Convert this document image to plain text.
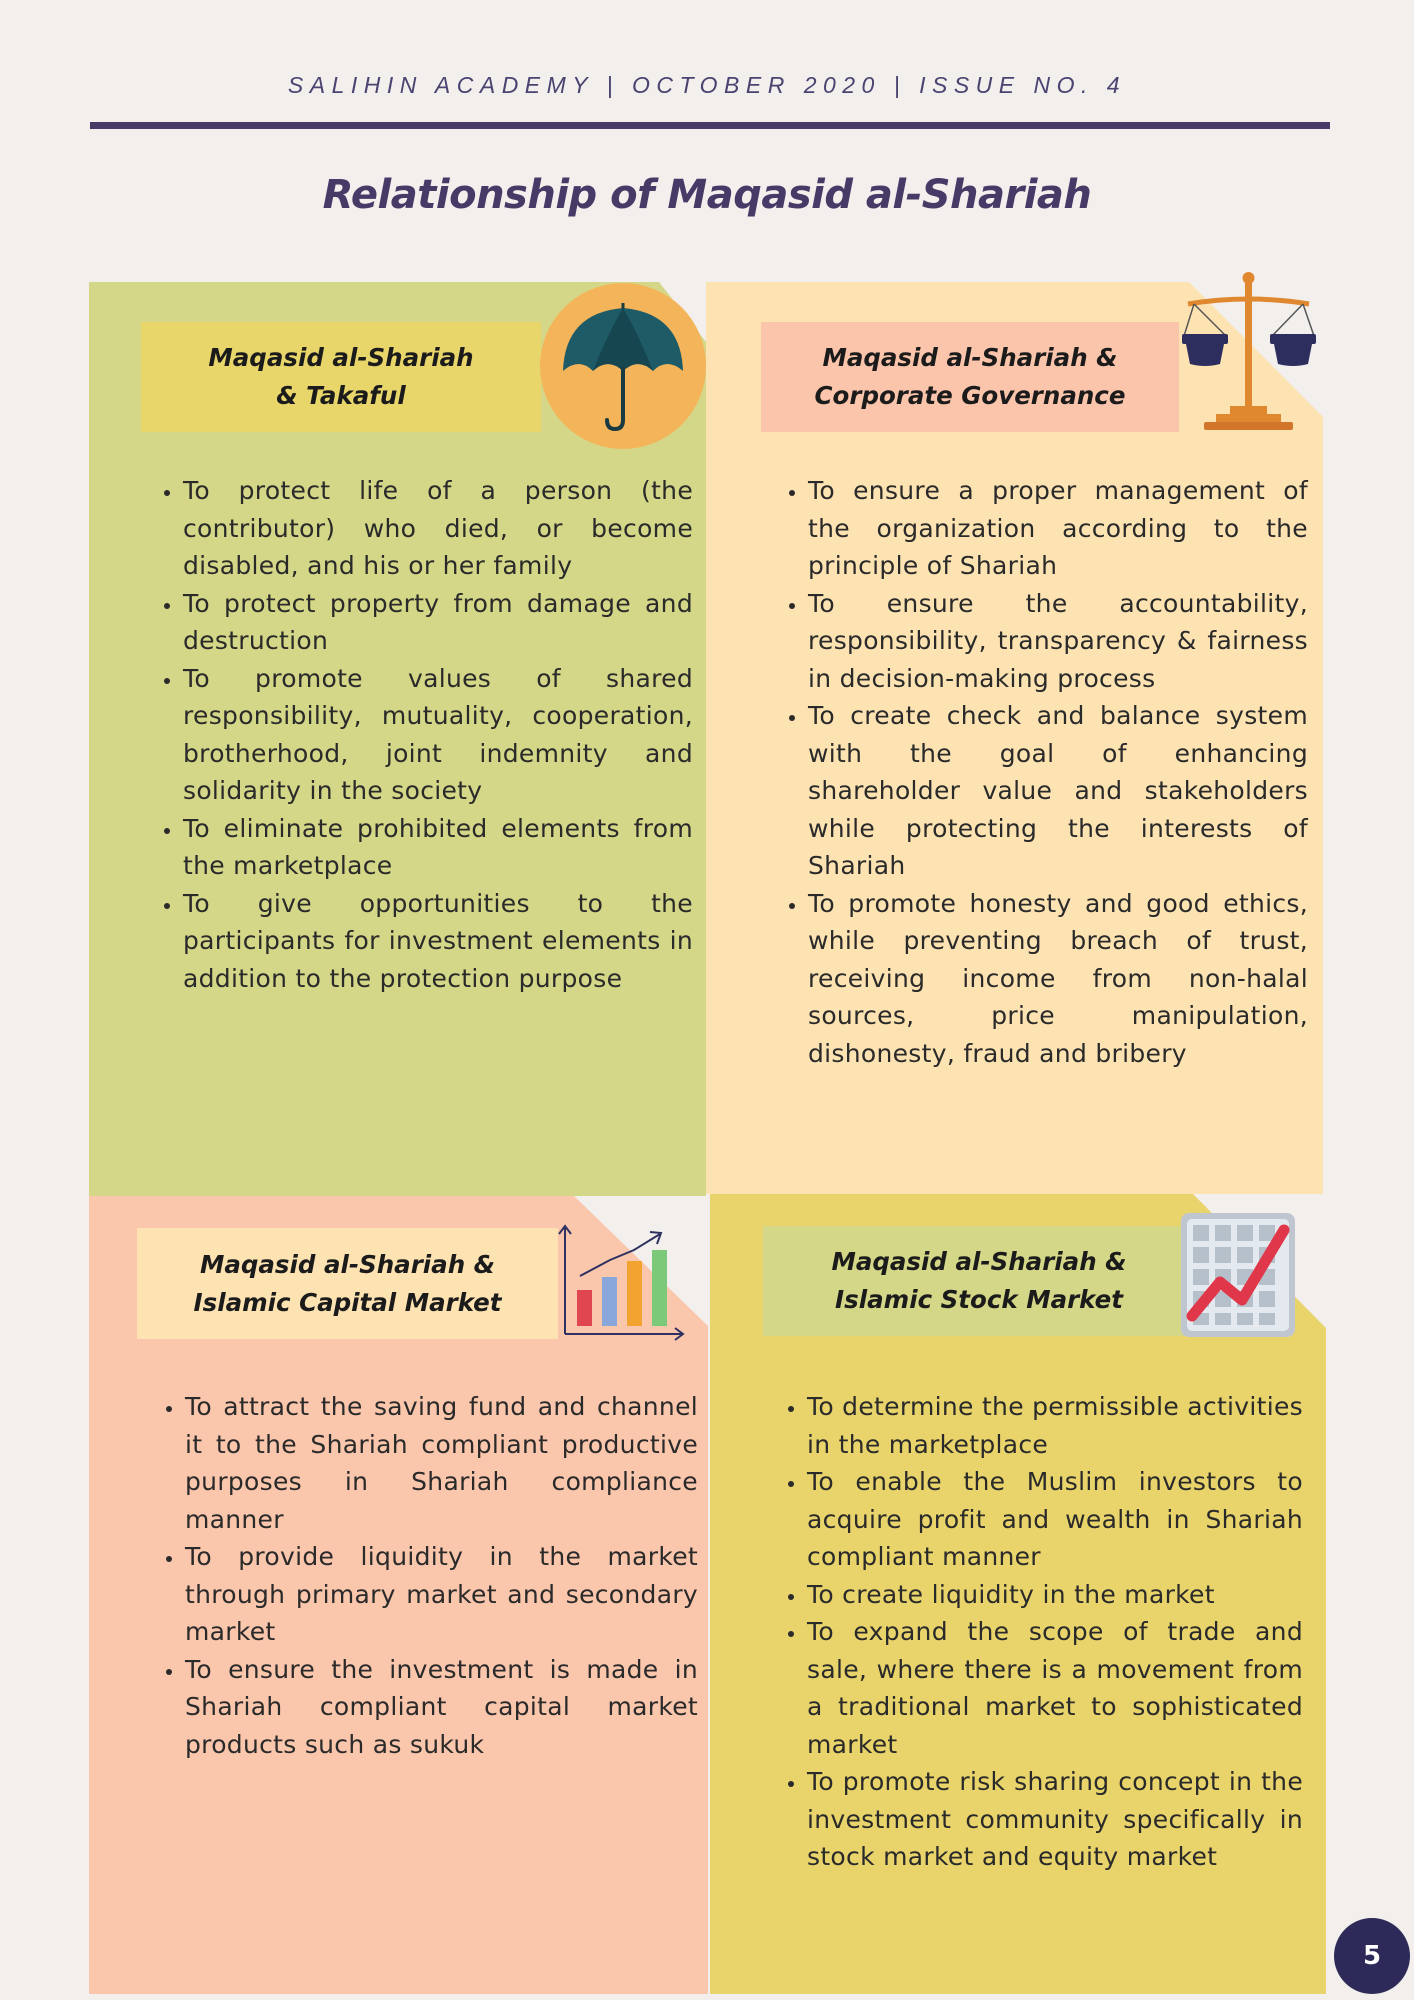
SALIHIN ACADEMY | OCTOBER 2020 | ISSUE NO. 4
Relationship of Maqasid al-Shariah
Maqasid al-Shariah
& Takaful
• To protect life of a person (the contributor) who died, or become disabled, and his or her family
• To protect property from damage and destruction
• To promote values of shared responsibility, mutuality, cooperation, brotherhood, joint indemnity and solidarity in the society
• To eliminate prohibited elements from the marketplace
• To give opportunities to the participants for investment elements in addition to the protection purpose
Maqasid al-Shariah &
Corporate Governance
• To ensure a proper management of the organization according to the principle of Shariah
• To ensure the accountability, responsibility, transparency & fairness in decision-making process
• To create check and balance system with the goal of enhancing shareholder value and stakeholders while protecting the interests of Shariah
• To promote honesty and good ethics, while preventing breach of trust, receiving income from non-halal sources, price manipulation, dishonesty, fraud and bribery
Maqasid al-Shariah &
Islamic Capital Market
• To attract the saving fund and channel it to the Shariah compliant productive purposes in Shariah compliance manner
• To provide liquidity in the market through primary market and secondary market
• To ensure the investment is made in Shariah compliant capital market products such as sukuk
Maqasid al-Shariah &
Islamic Stock Market
• To determine the permissible activities in the marketplace
• To enable the Muslim investors to acquire profit and wealth in Shariah compliant manner
• To create liquidity in the market
• To expand the scope of trade and sale, where there is a movement from a traditional market to sophisticated market
• To promote risk sharing concept in the investment community specifically in stock market and equity market
5
